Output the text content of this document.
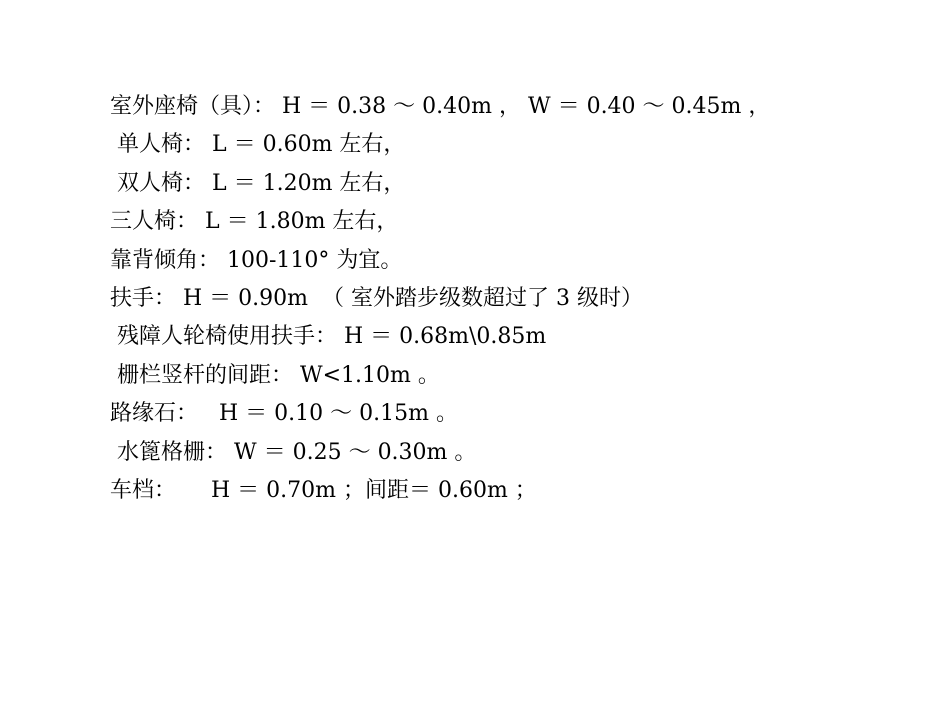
室外座椅（具）： H ＝ 0.38 ～ 0.40m ， W ＝ 0.40 ～ 0.45m ，
单人椅： L ＝ 0.60m 左右，
双人椅： L ＝ 1.20m 左右，
三人椅： L ＝ 1.80m 左右，
靠背倾角： 100-110° 为宜。
扶手： H ＝ 0.90m  （ 室外踏步级数超过了 3 级时）
残障人轮椅使用扶手： H ＝ 0.68m\0.85m
栅栏竖杆的间距： W<1.10m 。
路缘石：   H ＝ 0.10 ～ 0.15m 。
水篦格栅： W ＝ 0.25 ～ 0.30m 。
车档：     H ＝ 0.70m ；间距＝ 0.60m ；
